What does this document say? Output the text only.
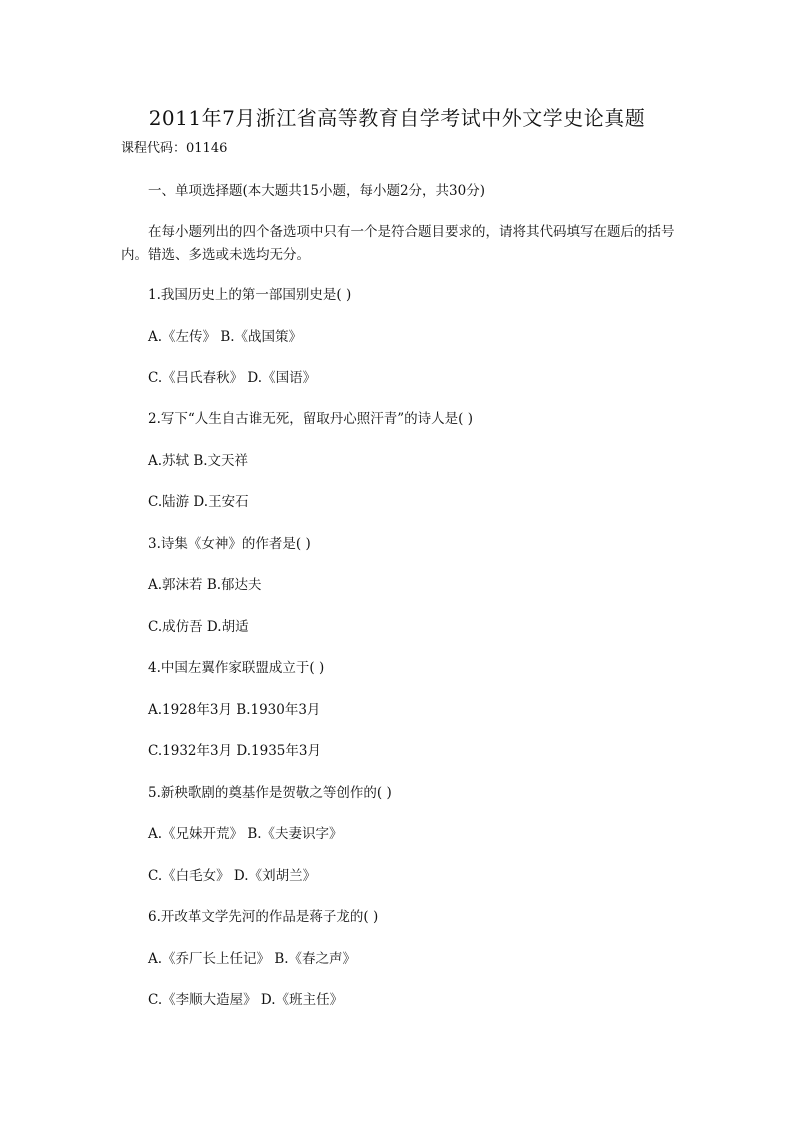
2011年7月浙江省高等教育自学考试中外文学史论真题
课程代码：01146
一、单项选择题(本大题共15小题，每小题2分，共30分)
在每小题列出的四个备选项中只有一个是符合题目要求的，请将其代码填写在题后的括号内。错选、多选或未选均无分。
1.我国历史上的第一部国别史是( )
A.《左传》 B.《战国策》
C.《吕氏春秋》 D.《国语》
2.写下“人生自古谁无死，留取丹心照汗青”的诗人是( )
A.苏轼 B.文天祥
C.陆游 D.王安石
3.诗集《女神》的作者是( )
A.郭沫若 B.郁达夫
C.成仿吾 D.胡适
4.中国左翼作家联盟成立于( )
A.1928年3月 B.1930年3月
C.1932年3月 D.1935年3月
5.新秧歌剧的奠基作是贺敬之等创作的( )
A.《兄妹开荒》 B.《夫妻识字》
C.《白毛女》 D.《刘胡兰》
6.开改革文学先河的作品是蒋子龙的( )
A.《乔厂长上任记》 B.《春之声》
C.《李顺大造屋》 D.《班主任》
